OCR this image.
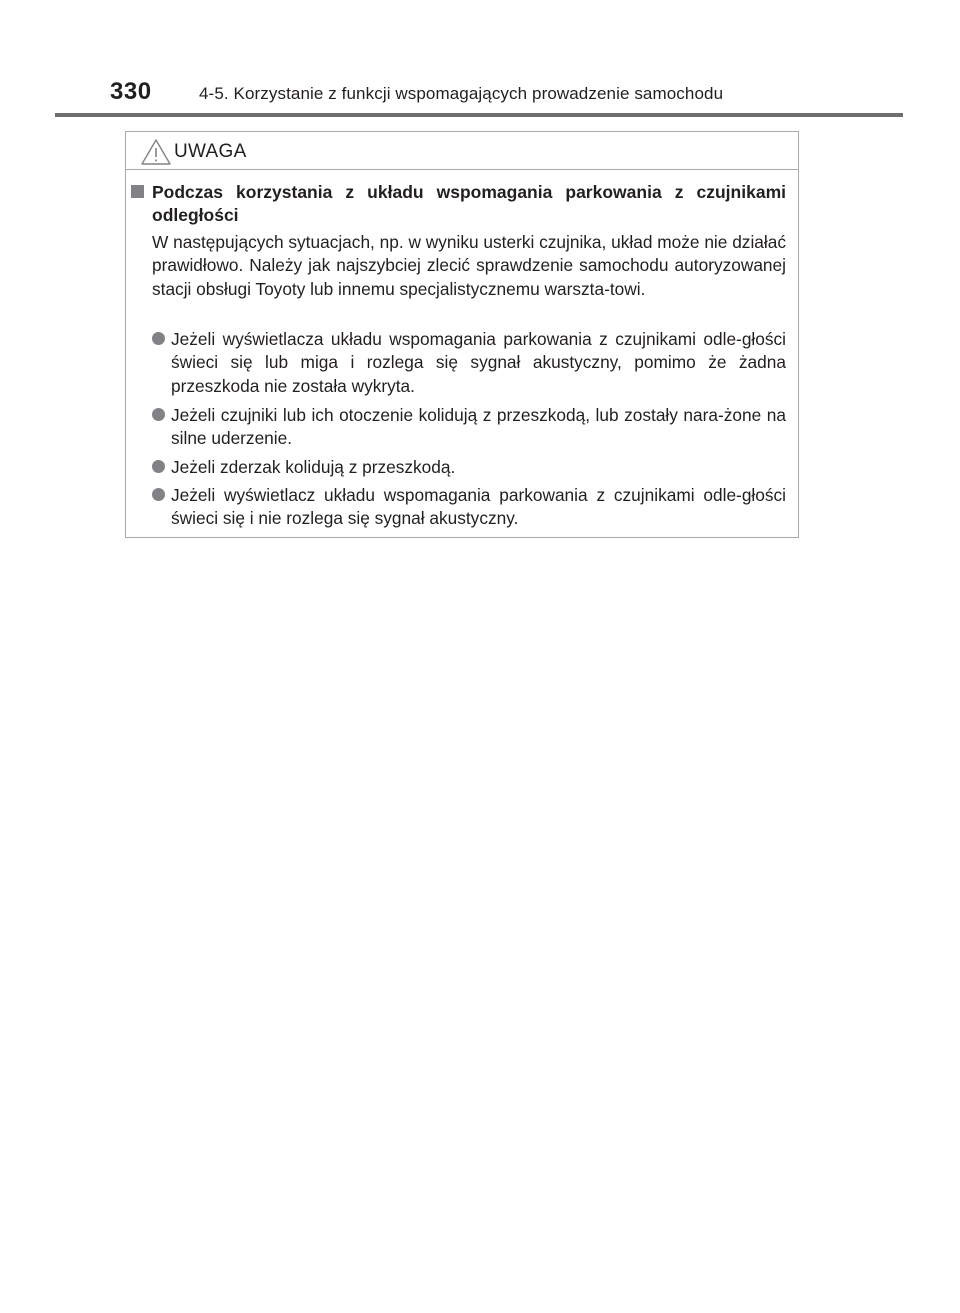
330	4-5. Korzystanie z funkcji wspomagających prowadzenie samochodu
UWAGA

Podczas korzystania z układu wspomagania parkowania z czujnikami odległości

W następujących sytuacjach, np. w wyniku usterki czujnika, układ może nie działać prawidłowo. Należy jak najszybciej zlecić sprawdzenie samochodu autoryzowanej stacji obsługi Toyoty lub innemu specjalistycznemu warszta-towi.

Jeżeli wyświetlacza układu wspomagania parkowania z czujnikami odle-głości świeci się lub miga i rozlega się sygnał akustyczny, pomimo że żadna przeszkoda nie została wykryta.

Jeżeli czujniki lub ich otoczenie kolidują z przeszkodą, lub zostały nara-żone na silne uderzenie.

Jeżeli zderzak kolidują z przeszkodą.

Jeżeli wyświetlacz układu wspomagania parkowania z czujnikami odle-głości świeci się i nie rozlega się sygnał akustyczny.
